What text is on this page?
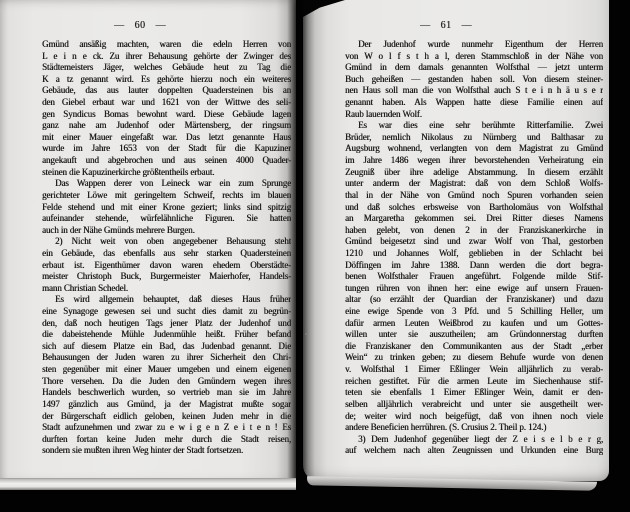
— 60 —
Gmünd ansäßig machten, waren die edeln Herren von
L e i n e ck. Zu ihrer Behausung gehörte der Zwinger des
Städtemeisters Jäger, welches Gebäude heut zu Tag die
K a tz genannt wird. Es gehörte hierzu noch ein weiteres
Gebäude, das aus lauter doppelten Quadersteinen bis an
den Giebel erbaut war und 1621 von der Wittwe des seli-
gen Syndicus Bomas bewohnt ward. Diese Gebäude lagen
ganz nahe am Judenhof oder Märtensberg, der ringsum
mit einer Mauer eingefaßt war. Das letzt genannte Haus
wurde im Jahre 1653 von der Stadt für die Kapuziner
angekauft und abgebrochen und aus seinen 4000 Quader-
steinen die Kapuzinerkirche größtentheils erbaut.
Das Wappen derer von Leineck war ein zum Sprunge
gerichteter Löwe mit geringeltem Schweif, rechts im blauen
Felde stehend und mit einer Krone geziert; links sind spitzig
aufeinander stehende, würfelähnliche Figuren. Sie hatten
auch in der Nähe Gmünds mehrere Burgen.
2) Nicht weit von oben angegebener Behausung steht
ein Gebäude, das ebenfalls aus sehr starken Quadersteinen
erbaut ist. Eigenthümer davon waren ehedem Oberstädte-
meister Christoph Buck, Burgermeister Maierhofer, Handels-
mann Christian Schedel.
Es wird allgemein behauptet, daß dieses Haus früher
eine Synagoge gewesen sei und sucht dies damit zu begrün-
den, daß noch heutigen Tags jener Platz der Judenhof und
die dabeistehende Mühle Judenmühle heißt. Früher befand
sich auf diesem Platze ein Bad, das Judenbad genannt. Die
Behausungen der Juden waren zu ihrer Sicherheit den Chri-
sten gegenüber mit einer Mauer umgeben und einem eigenen
Thore versehen. Da die Juden den Gmündern wegen ihres
Handels beschwerlich wurden, so vertrieb man sie im Jahre
1497 gänzlich aus Gmünd, ja der Magistrat mußte sogar
der Bürgerschaft eidlich geloben, keinen Juden mehr in die
Stadt aufzunehmen und zwar zu e w i g e n Z e i t e n ! Es
durften fortan keine Juden mehr durch die Stadt reisen,
sondern sie mußten ihren Weg hinter der Stadt fortsetzen.
— 61 —
Der Judenhof wurde nunmehr Eigenthum der Herren
von W o l f s t h a l, deren Stammschloß in der Nähe von
Gmünd in dem damals genannten Wolfsthal — jetzt unterm
Buch geheißen — gestanden haben soll. Von diesem steiner-
nen Haus soll man die von Wolfsthal auch S t e i n h ä u s e r
genannt haben. Als Wappen hatte diese Familie einen auf
Raub lauernden Wolf.
Es war dies eine sehr berühmte Ritterfamilie. Zwei
Brüder, nemlich Nikolaus zu Nürnberg und Balthasar zu
Augsburg wohnend, verlangten von dem Magistrat zu Gmünd
im Jahre 1486 wegen ihrer bevorstehenden Verheiratung ein
Zeugniß über ihre adelige Abstammung. In diesem erzählt
unter anderm der Magistrat: daß von dem Schloß Wolfs-
thal in der Nähe von Gmünd noch Spuren vorhanden seien
und daß solches erbsweise von Bartholomäus von Wolfsthal
an Margaretha gekommen sei. Drei Ritter dieses Namens
haben gelebt, von denen 2 in der Franziskanerkirche in
Gmünd beigesetzt sind und zwar Wolf von Thal, gestorben
1210 und Johannes Wolf, geblieben in der Schlacht bei
Döffingen im Jahre 1388. Dann werden die dort begra-
benen Wolfsthaler Frauen angeführt. Folgende milde Stif-
tungen rühren von ihnen her: eine ewige auf unsern Frauen-
altar (so erzählt der Quardian der Franziskaner) und dazu
eine ewige Spende von 3 Pfd. und 5 Schilling Heller, um
dafür armen Leuten Weißbrod zu kaufen und um Gottes-
willen unter sie auszutheilen; am Gründonnerstag durften
die Franziskaner den Communikanten aus der Stadt „erber
Wein“ zu trinken geben; zu diesem Behufe wurde von denen
v. Wolfsthal 1 Eimer Eßlinger Wein alljährlich zu verab-
reichen gestiftet. Für die armen Leute im Siechenhause stif-
teten sie ebenfalls 1 Eimer Eßlinger Wein, damit er den-
selben alljährlich verabreicht und unter sie ausgetheilt wer-
de; weiter wird noch beigefügt, daß von ihnen noch viele
andere Beneficien herrühren. (S. Crusius 2. Theil p. 124.)
3) Dem Judenhof gegenüber liegt der Z e i s e l b e r g,
auf welchem nach alten Zeugnissen und Urkunden eine Burg
